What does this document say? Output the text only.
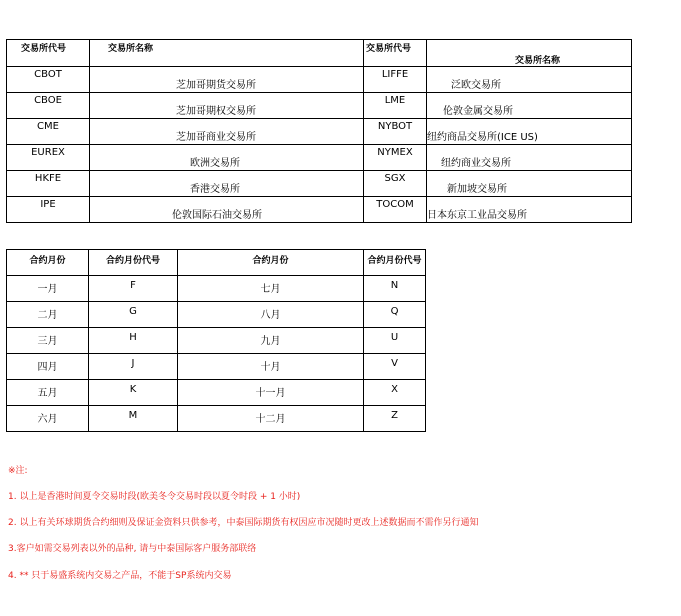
交易所代号	交易所名称	交易所代号	交易所名称
CBOT	芝加哥期货交易所	LIFFE	泛欧交易所

CBOE	芝加哥期权交易所	LME	伦敦金属交易所

CME	芝加哥商业交易所	NYBOT	纽约商品交易所(ICE US)

EUREX	欧洲交易所	NYMEX	纽约商业交易所

HKFE	香港交易所	SGX	新加坡交易所

IPE	伦敦国际石油交易所	TOCOM	日本东京工业品交易所
合约月份	合约月份代号	合约月份	合约月份代号
一月	F	七月	N
二月	G	八月	Q
三月	H	九月	U
四月	J	十月	V
五月	K	十一月	X
六月	M	十二月	Z
※注:
1. 以上是香港时间夏令交易时段(欧美冬令交易时段以夏令时段 + 1 小时)
2. 以上有关环球期货合约细则及保证金资料只供参考，中泰国际期货有权因应市况随时更改上述数据而不需作另行通知
3.客户如需交易列表以外的品种, 请与中泰国际客户服务部联络
4. ** 只于易盛系统内交易之产品，不能于SP系统内交易
